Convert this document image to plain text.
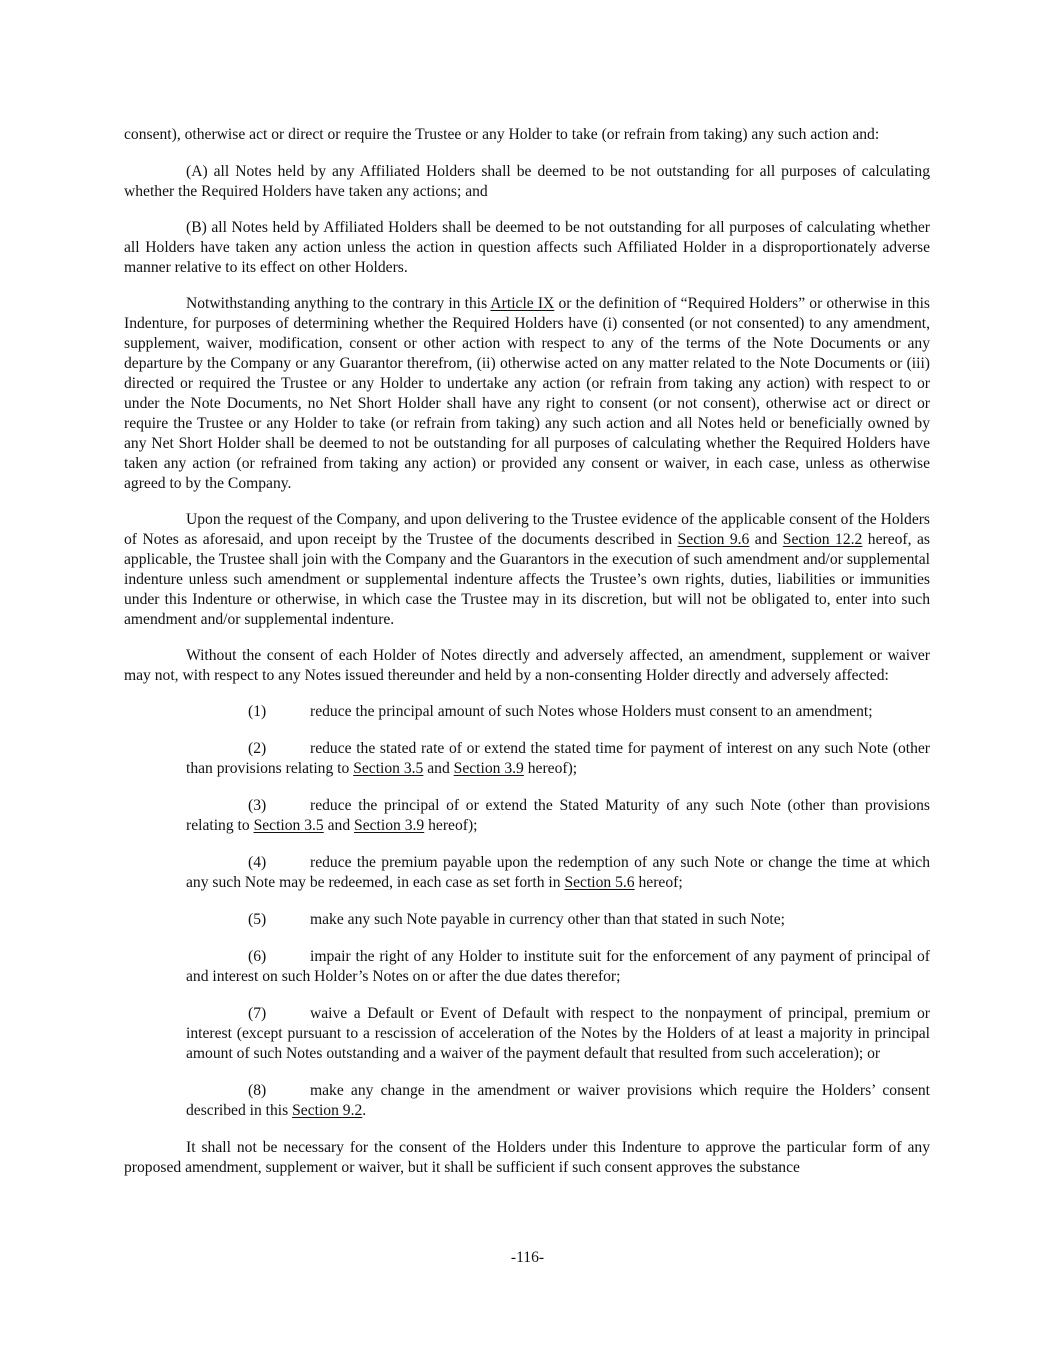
consent), otherwise act or direct or require the Trustee or any Holder to take (or refrain from taking) any such action and:

(A) all Notes held by any Affiliated Holders shall be deemed to be not outstanding for all purposes of calculating whether the Required Holders have taken any actions; and

(B) all Notes held by Affiliated Holders shall be deemed to be not outstanding for all purposes of calculating whether all Holders have taken any action unless the action in question affects such Affiliated Holder in a disproportionately adverse manner relative to its effect on other Holders.

Notwithstanding anything to the contrary in this Article IX or the definition of “Required Holders” or otherwise in this Indenture, for purposes of determining whether the Required Holders have (i) consented (or not consented) to any amendment, supplement, waiver, modification, consent or other action with respect to any of the terms of the Note Documents or any departure by the Company or any Guarantor therefrom, (ii) otherwise acted on any matter related to the Note Documents or (iii) directed or required the Trustee or any Holder to undertake any action (or refrain from taking any action) with respect to or under the Note Documents, no Net Short Holder shall have any right to consent (or not consent), otherwise act or direct or require the Trustee or any Holder to take (or refrain from taking) any such action and all Notes held or beneficially owned by any Net Short Holder shall be deemed to not be outstanding for all purposes of calculating whether the Required Holders have taken any action (or refrained from taking any action) or provided any consent or waiver, in each case, unless as otherwise agreed to by the Company.

Upon the request of the Company, and upon delivering to the Trustee evidence of the applicable consent of the Holders of Notes as aforesaid, and upon receipt by the Trustee of the documents described in Section 9.6 and Section 12.2 hereof, as applicable, the Trustee shall join with the Company and the Guarantors in the execution of such amendment and/or supplemental indenture unless such amendment or supplemental indenture affects the Trustee’s own rights, duties, liabilities or immunities under this Indenture or otherwise, in which case the Trustee may in its discretion, but will not be obligated to, enter into such amendment and/or supplemental indenture.

Without the consent of each Holder of Notes directly and adversely affected, an amendment, supplement or waiver may not, with respect to any Notes issued thereunder and held by a non-consenting Holder directly and adversely affected:

(1)	reduce the principal amount of such Notes whose Holders must consent to an amendment;
(2)	reduce the stated rate of or extend the stated time for payment of interest on any such Note (other than provisions relating to Section 3.5 and Section 3.9 hereof);
(3)	reduce the principal of or extend the Stated Maturity of any such Note (other than provisions relating to Section 3.5 and Section 3.9 hereof);
(4)	reduce the premium payable upon the redemption of any such Note or change the time at which any such Note may be redeemed, in each case as set forth in Section 5.6 hereof;
(5)	make any such Note payable in currency other than that stated in such Note;
(6)	impair the right of any Holder to institute suit for the enforcement of any payment of principal of and interest on such Holder’s Notes on or after the due dates therefor;
(7)	waive a Default or Event of Default with respect to the nonpayment of principal, premium or interest (except pursuant to a rescission of acceleration of the Notes by the Holders of at least a majority in principal amount of such Notes outstanding and a waiver of the payment default that resulted from such acceleration); or
(8)	make any change in the amendment or waiver provisions which require the Holders’ consent described in this Section 9.2.

It shall not be necessary for the consent of the Holders under this Indenture to approve the particular form of any proposed amendment, supplement or waiver, but it shall be sufficient if such consent approves the substance

-116-
